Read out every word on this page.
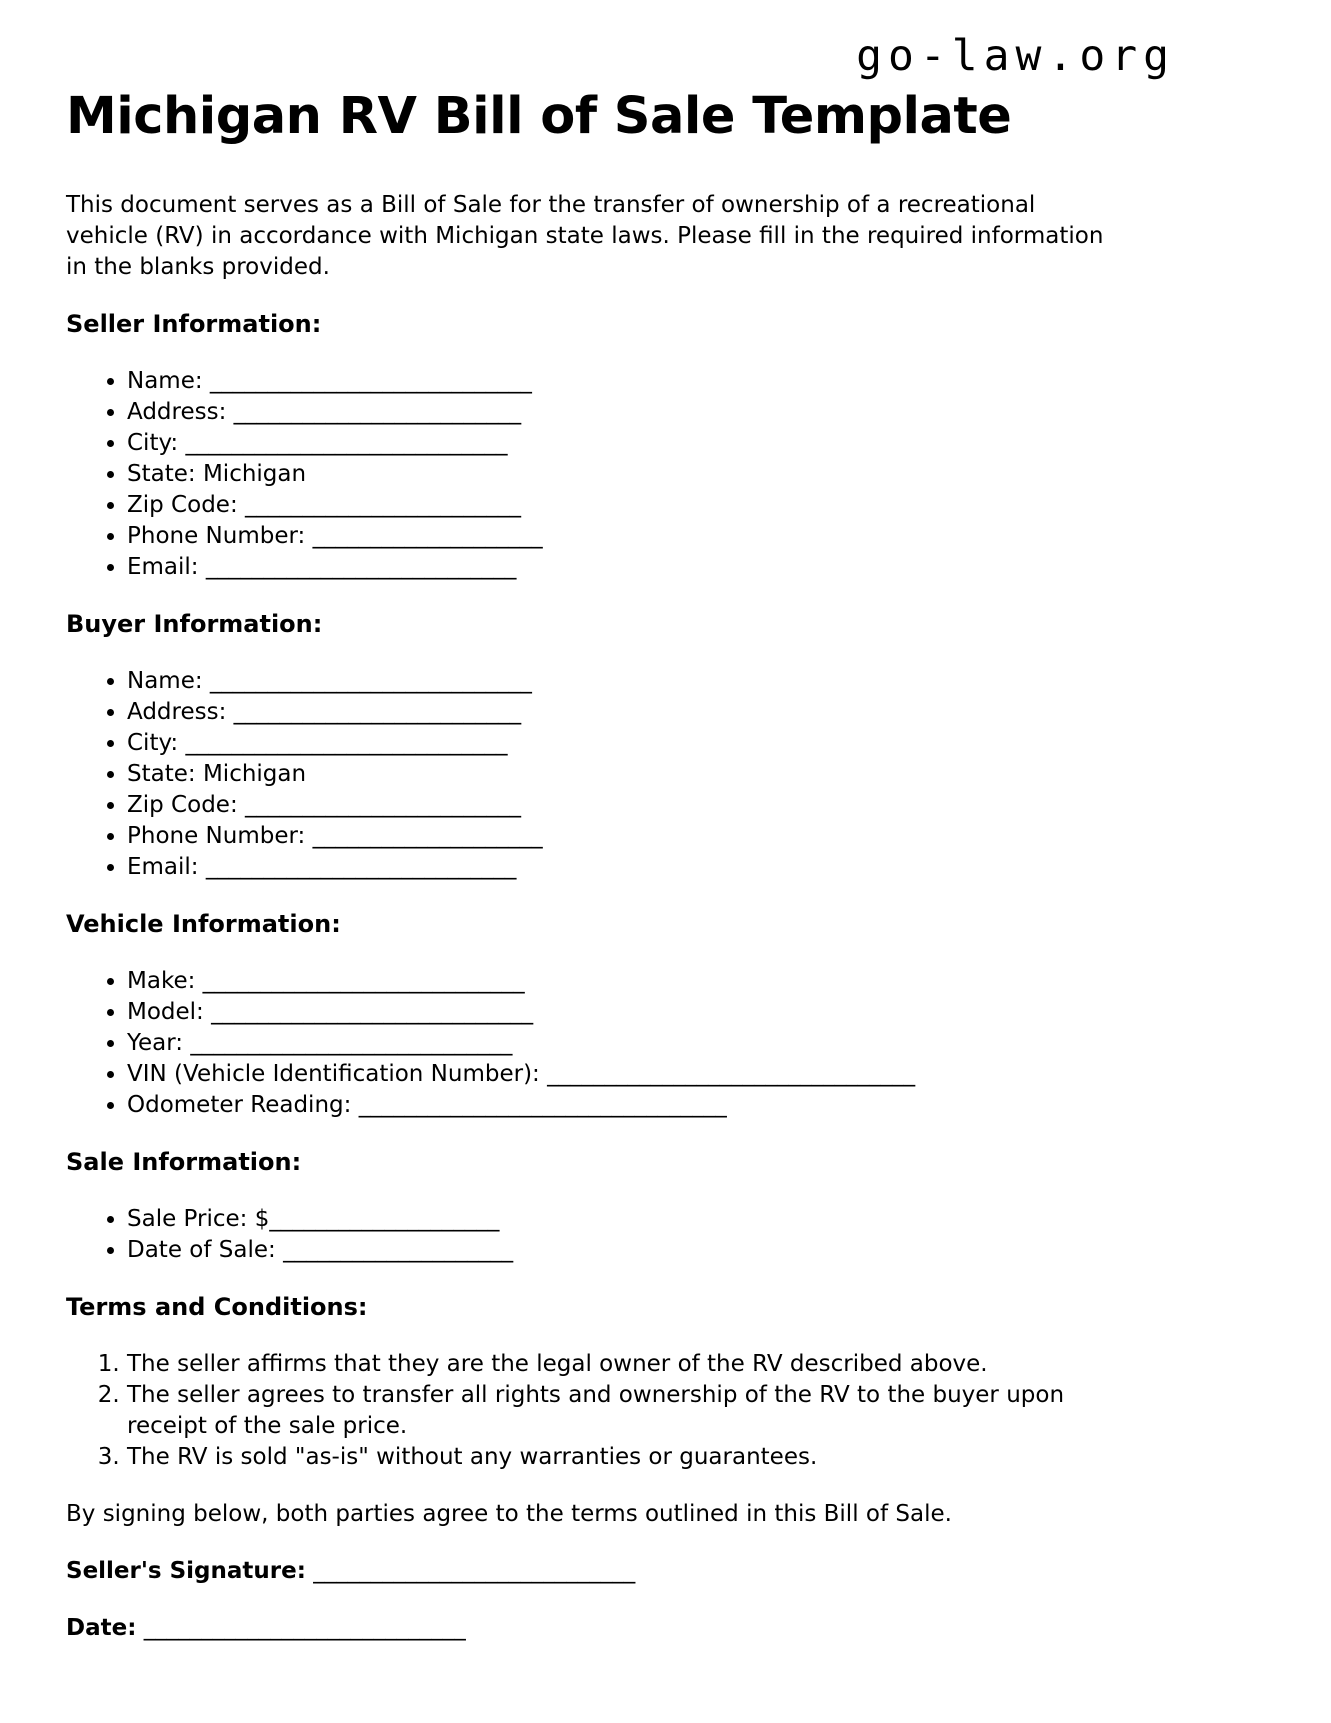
go-law.org
Michigan RV Bill of Sale Template

This document serves as a Bill of Sale for the transfer of ownership of a recreational
vehicle (RV) in accordance with Michigan state laws. Please fill in the required information
in the blanks provided.

Seller Information:
• Name: ____________________________
• Address: _________________________
• City: ____________________________
• State: Michigan
• Zip Code: ________________________
• Phone Number: ____________________
• Email: ___________________________
Buyer Information:
• Name: ____________________________
• Address: _________________________
• City: ____________________________
• State: Michigan
• Zip Code: ________________________
• Phone Number: ____________________
• Email: ___________________________
Vehicle Information:
• Make: ____________________________
• Model: ____________________________
• Year: ____________________________
• VIN (Vehicle Identification Number): ________________________________
• Odometer Reading: ________________________________
Sale Information:
• Sale Price: $____________________
• Date of Sale: ____________________
Terms and Conditions:
1. The seller affirms that they are the legal owner of the RV described above.
2. The seller agrees to transfer all rights and ownership of the RV to the buyer upon
receipt of the sale price.
3. The RV is sold "as-is" without any warranties or guarantees.

By signing below, both parties agree to the terms outlined in this Bill of Sale.

Seller's Signature: ____________________________

Date: ____________________________
